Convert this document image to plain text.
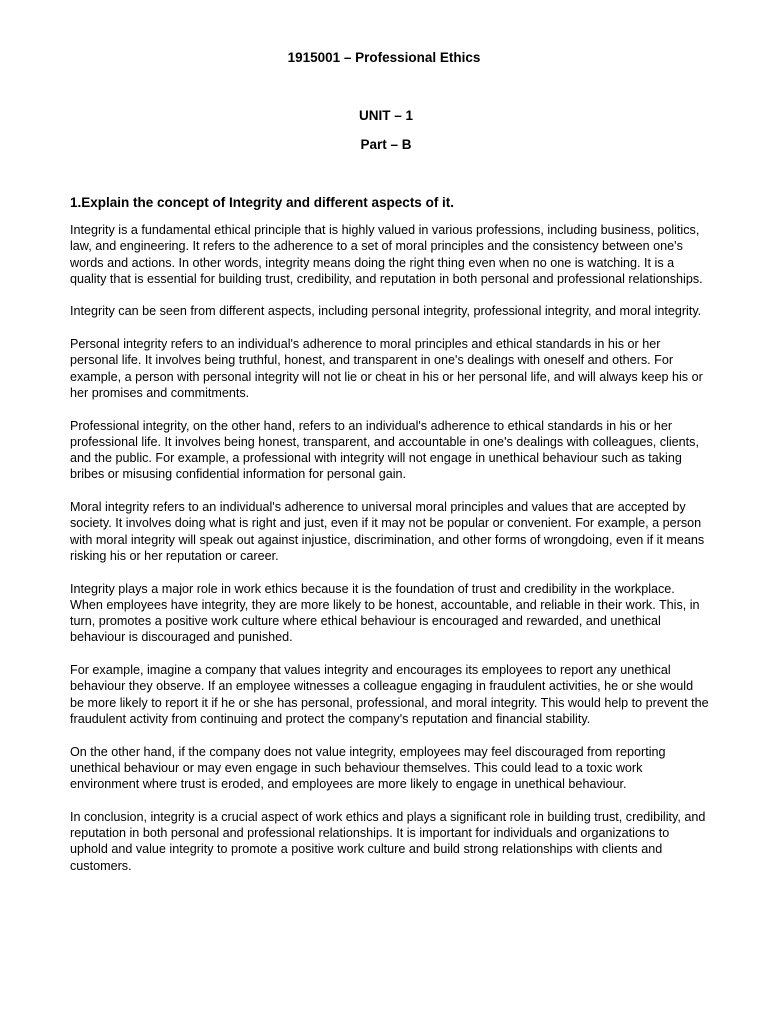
1915001 – Professional Ethics
UNIT – 1
Part – B
1.Explain the concept of Integrity and different aspects of it.

Integrity is a fundamental ethical principle that is highly valued in various professions, including business, politics, law, and engineering. It refers to the adherence to a set of moral principles and the consistency between one's words and actions. In other words, integrity means doing the right thing even when no one is watching. It is a quality that is essential for building trust, credibility, and reputation in both personal and professional relationships.

Integrity can be seen from different aspects, including personal integrity, professional integrity, and moral integrity.

Personal integrity refers to an individual's adherence to moral principles and ethical standards in his or her personal life. It involves being truthful, honest, and transparent in one's dealings with oneself and others. For example, a person with personal integrity will not lie or cheat in his or her personal life, and will always keep his or her promises and commitments.

Professional integrity, on the other hand, refers to an individual's adherence to ethical standards in his or her professional life. It involves being honest, transparent, and accountable in one's dealings with colleagues, clients, and the public. For example, a professional with integrity will not engage in unethical behaviour such as taking bribes or misusing confidential information for personal gain.

Moral integrity refers to an individual's adherence to universal moral principles and values that are accepted by society. It involves doing what is right and just, even if it may not be popular or convenient. For example, a person with moral integrity will speak out against injustice, discrimination, and other forms of wrongdoing, even if it means risking his or her reputation or career.

Integrity plays a major role in work ethics because it is the foundation of trust and credibility in the workplace. When employees have integrity, they are more likely to be honest, accountable, and reliable in their work. This, in turn, promotes a positive work culture where ethical behaviour is encouraged and rewarded, and unethical behaviour is discouraged and punished.

For example, imagine a company that values integrity and encourages its employees to report any unethical behaviour they observe. If an employee witnesses a colleague engaging in fraudulent activities, he or she would be more likely to report it if he or she has personal, professional, and moral integrity. This would help to prevent the fraudulent activity from continuing and protect the company's reputation and financial stability.

On the other hand, if the company does not value integrity, employees may feel discouraged from reporting unethical behaviour or may even engage in such behaviour themselves. This could lead to a toxic work environment where trust is eroded, and employees are more likely to engage in unethical behaviour.

In conclusion, integrity is a crucial aspect of work ethics and plays a significant role in building trust, credibility, and reputation in both personal and professional relationships. It is important for individuals and organizations to uphold and value integrity to promote a positive work culture and build strong relationships with clients and customers.
